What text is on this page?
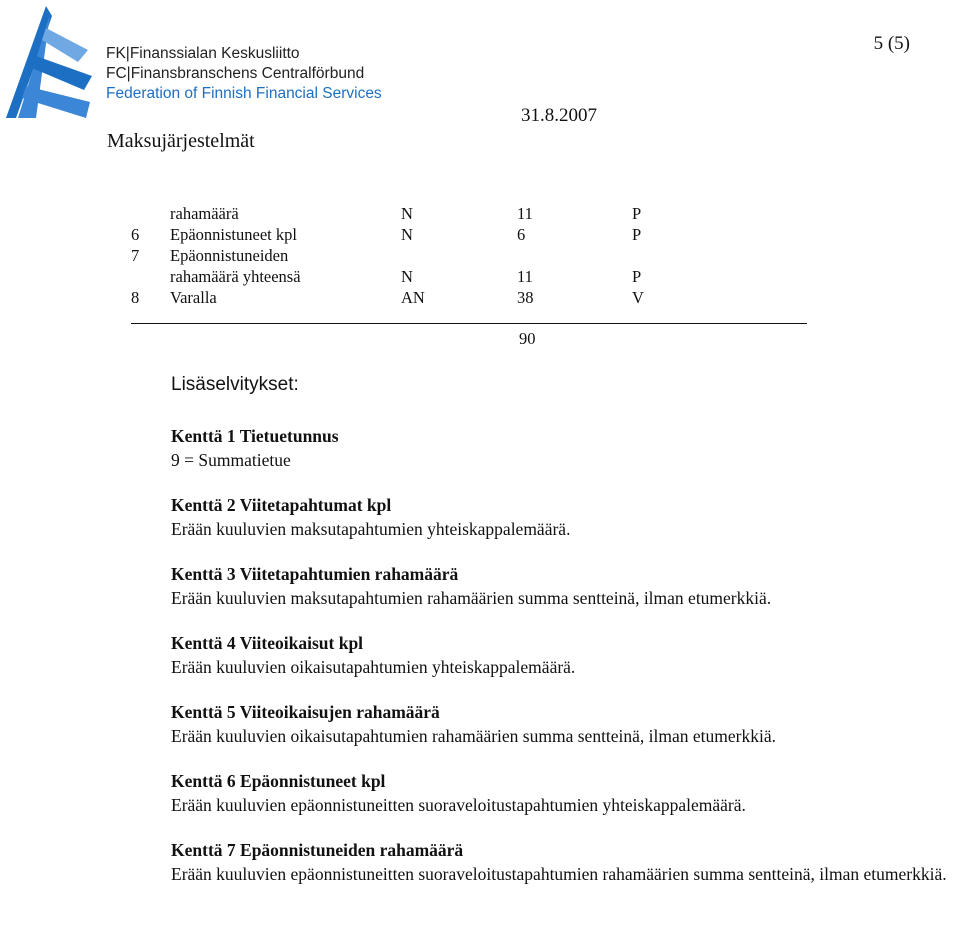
FK|Finanssialan Keskusliitto
FC|Finansbranschens Centralförbund
Federation of Finnish Financial Services
5 (5)
31.8.2007
Maksujärjestelmät
rahamäärä	N	11	P
6 Epäonnistuneet kpl	N	6	P
7 Epäonnistuneiden
rahamäärä yhteensä	N	11	P
8 Varalla	AN	38	V
90
Lisäselvitykset:
Kenttä 1 Tietuetunnus
9 = Summatietue
Kenttä 2 Viitetapahtumat kpl
Erään kuuluvien maksutapahtumien yhteiskappalemäärä.
Kenttä 3 Viitetapahtumien rahamäärä
Erään kuuluvien maksutapahtumien rahamäärien summa sentteinä, ilman etumerkkiä.
Kenttä 4 Viiteoikaisut kpl
Erään kuuluvien oikaisutapahtumien yhteiskappalemäärä.
Kenttä 5 Viiteoikaisujen rahamäärä
Erään kuuluvien oikaisutapahtumien rahamäärien summa sentteinä, ilman etumerkkiä.
Kenttä 6 Epäonnistuneet kpl
Erään kuuluvien epäonnistuneitten suoraveloitustapahtumien yhteiskappalemäärä.
Kenttä 7 Epäonnistuneiden rahamäärä
Erään kuuluvien epäonnistuneitten suoraveloitustapahtumien rahamäärien summa sentteinä, ilman etumerkkiä.
